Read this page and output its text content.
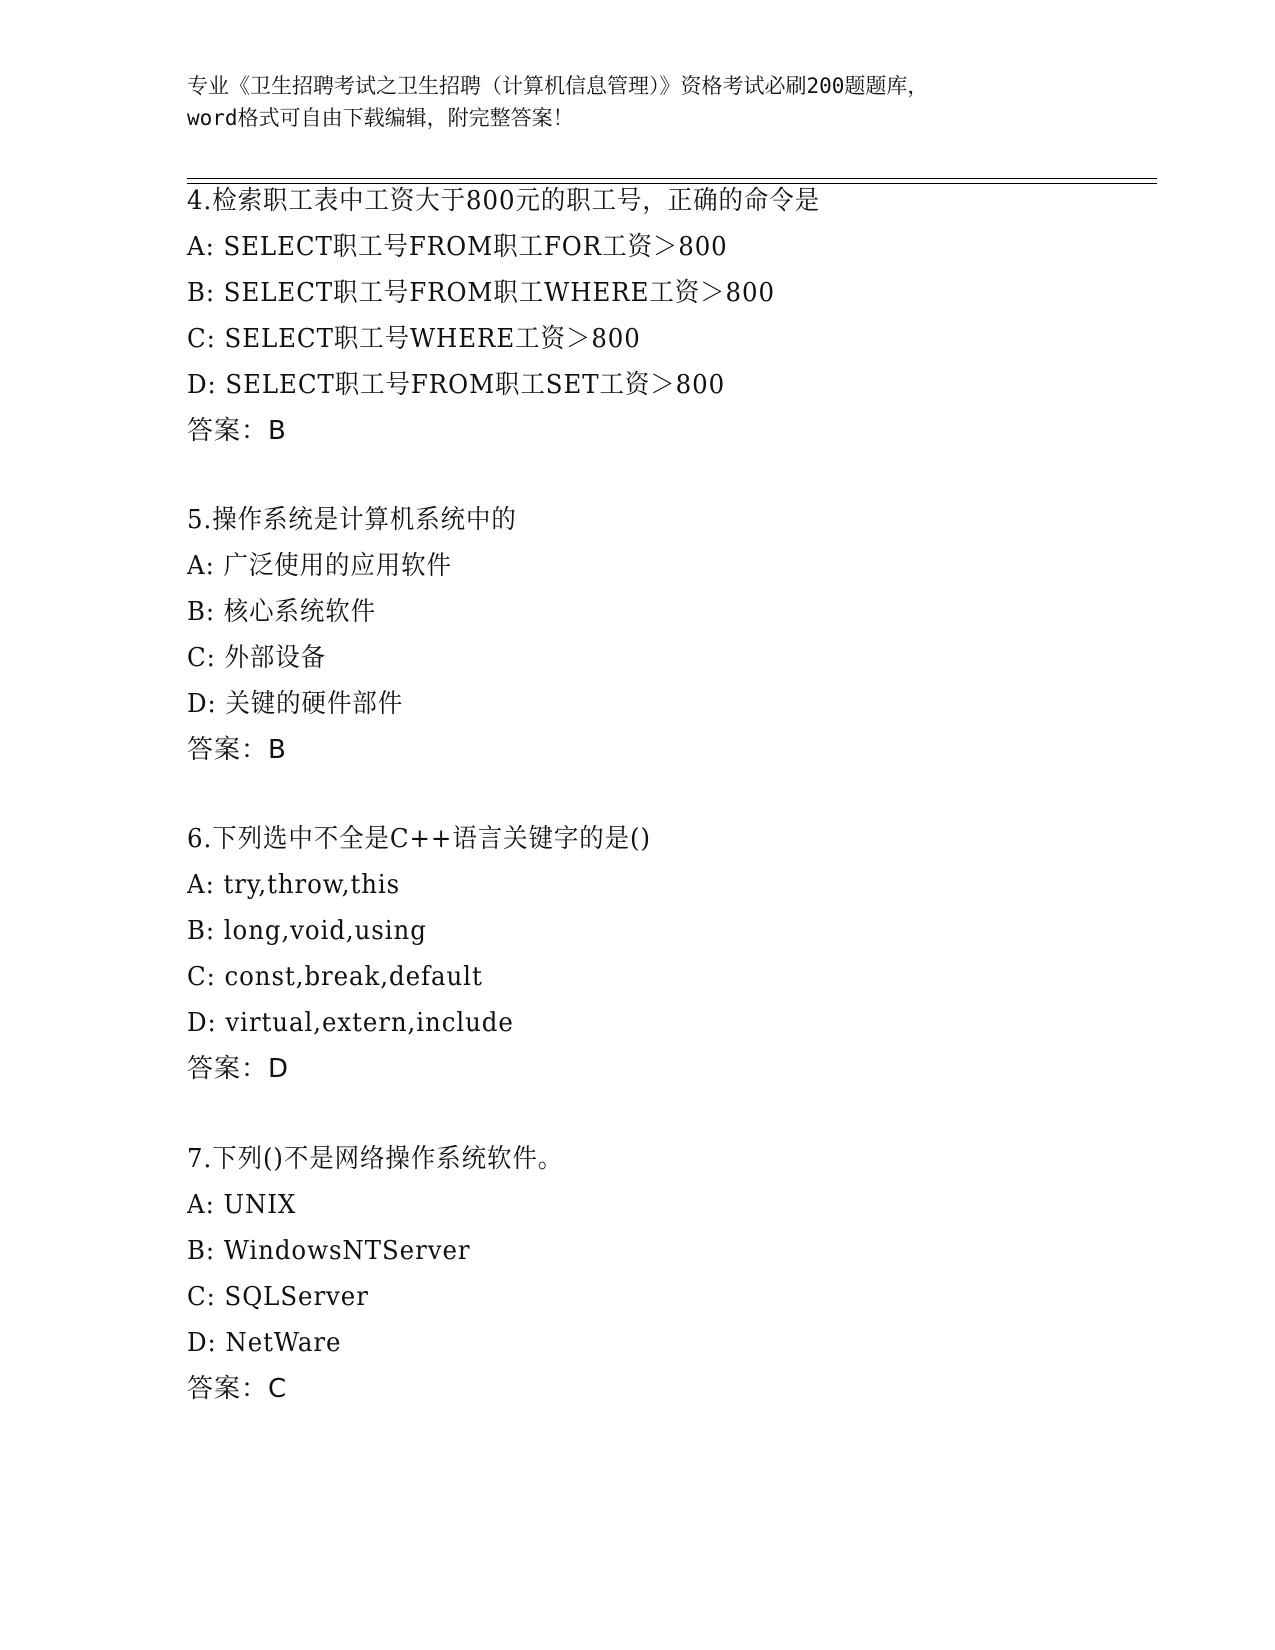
专业《卫生招聘考试之卫生招聘（计算机信息管理）》资格考试必刷200题题库，
word格式可自由下载编辑，附完整答案！
4.检索职工表中工资大于800元的职工号，正确的命令是
A: SELECT职工号FROM职工FOR工资＞800
B: SELECT职工号FROM职工WHERE工资＞800
C: SELECT职工号WHERE工资＞800
D: SELECT职工号FROM职工SET工资＞800
答案：B
5.操作系统是计算机系统中的
A: 广泛使用的应用软件
B: 核心系统软件
C: 外部设备
D: 关键的硬件部件
答案：B
6.下列选中不全是C++语言关键字的是()
A: try,throw,this
B: long,void,using
C: const,break,default
D: virtual,extern,include
答案：D
7.下列()不是网络操作系统软件。
A: UNIX
B: WindowsNTServer
C: SQLServer
D: NetWare
答案：C
